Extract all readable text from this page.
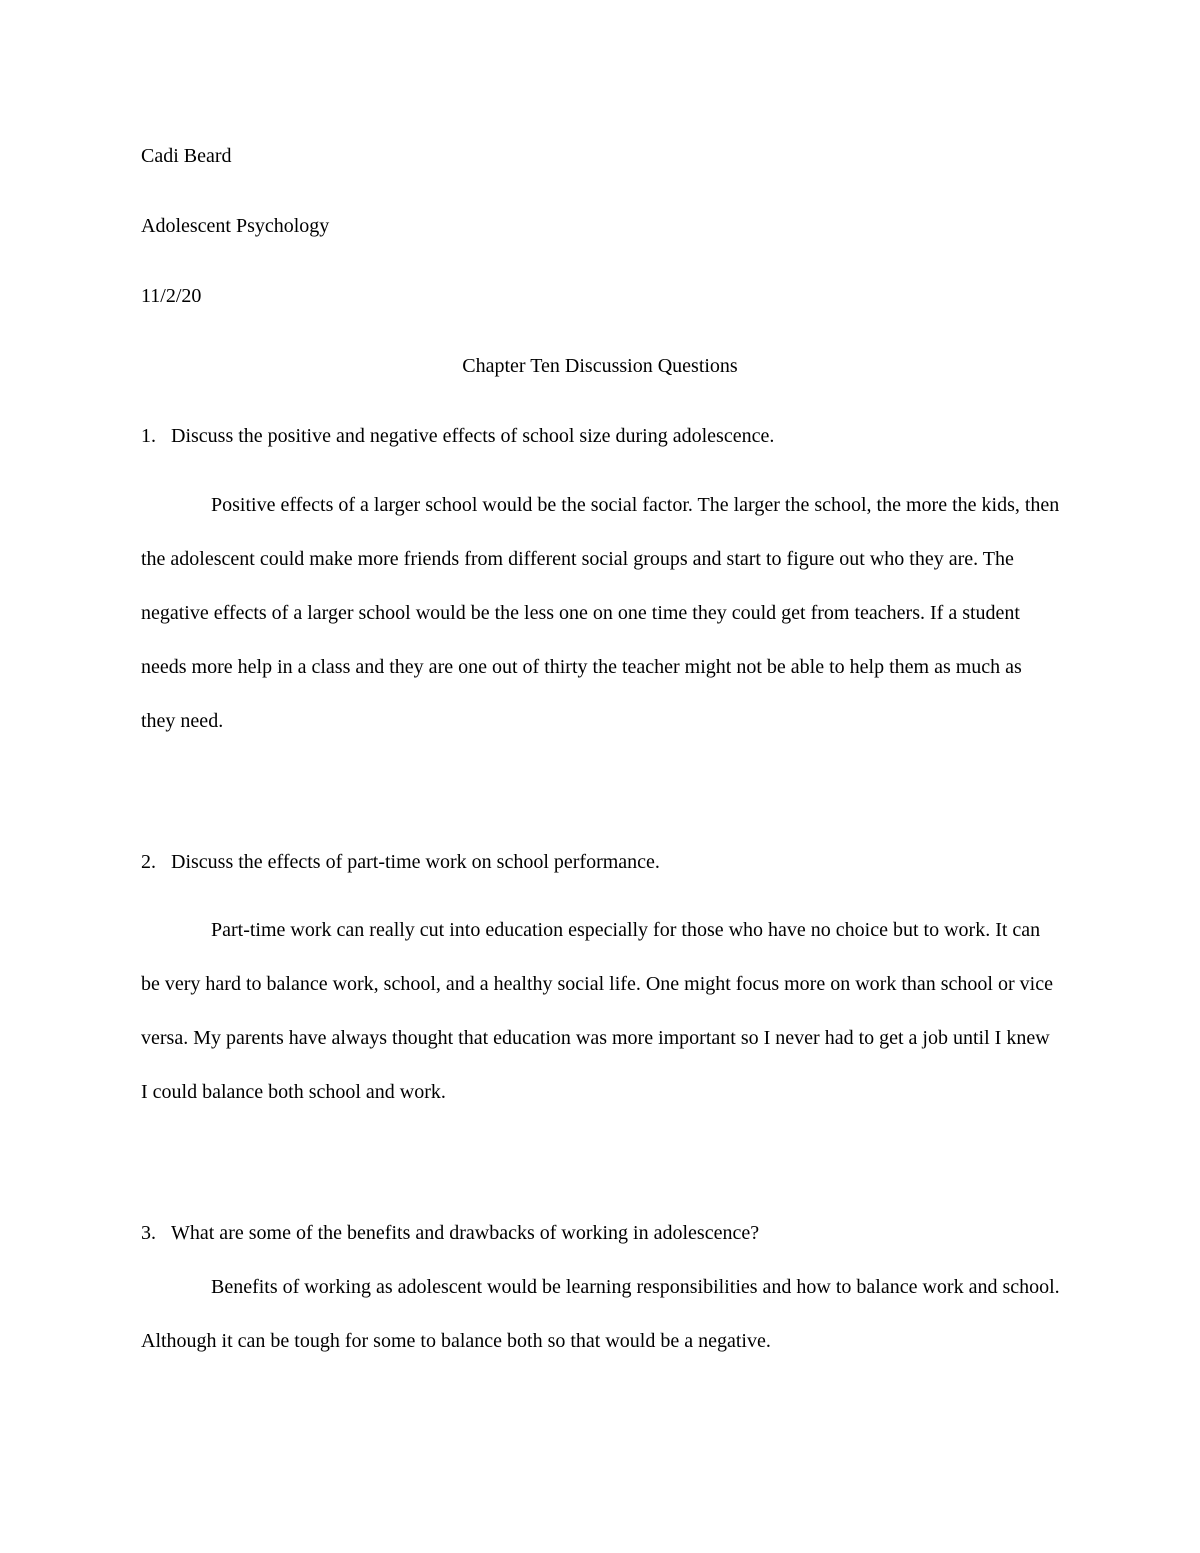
Cadi Beard
Adolescent Psychology
11/2/20
Chapter Ten Discussion Questions
1. Discuss the positive and negative effects of school size during adolescence.

Positive effects of a larger school would be the social factor. The larger the school, the more the kids, then the adolescent could make more friends from different social groups and start to figure out who they are. The negative effects of a larger school would be the less one on one time they could get from teachers. If a student needs more help in a class and they are one out of thirty the teacher might not be able to help them as much as they need.

2. Discuss the effects of part-time work on school performance.

Part-time work can really cut into education especially for those who have no choice but to work. It can be very hard to balance work, school, and a healthy social life. One might focus more on work than school or vice versa. My parents have always thought that education was more important so I never had to get a job until I knew I could balance both school and work.

3. What are some of the benefits and drawbacks of working in adolescence?

Benefits of working as adolescent would be learning responsibilities and how to balance work and school. Although it can be tough for some to balance both so that would be a negative.
